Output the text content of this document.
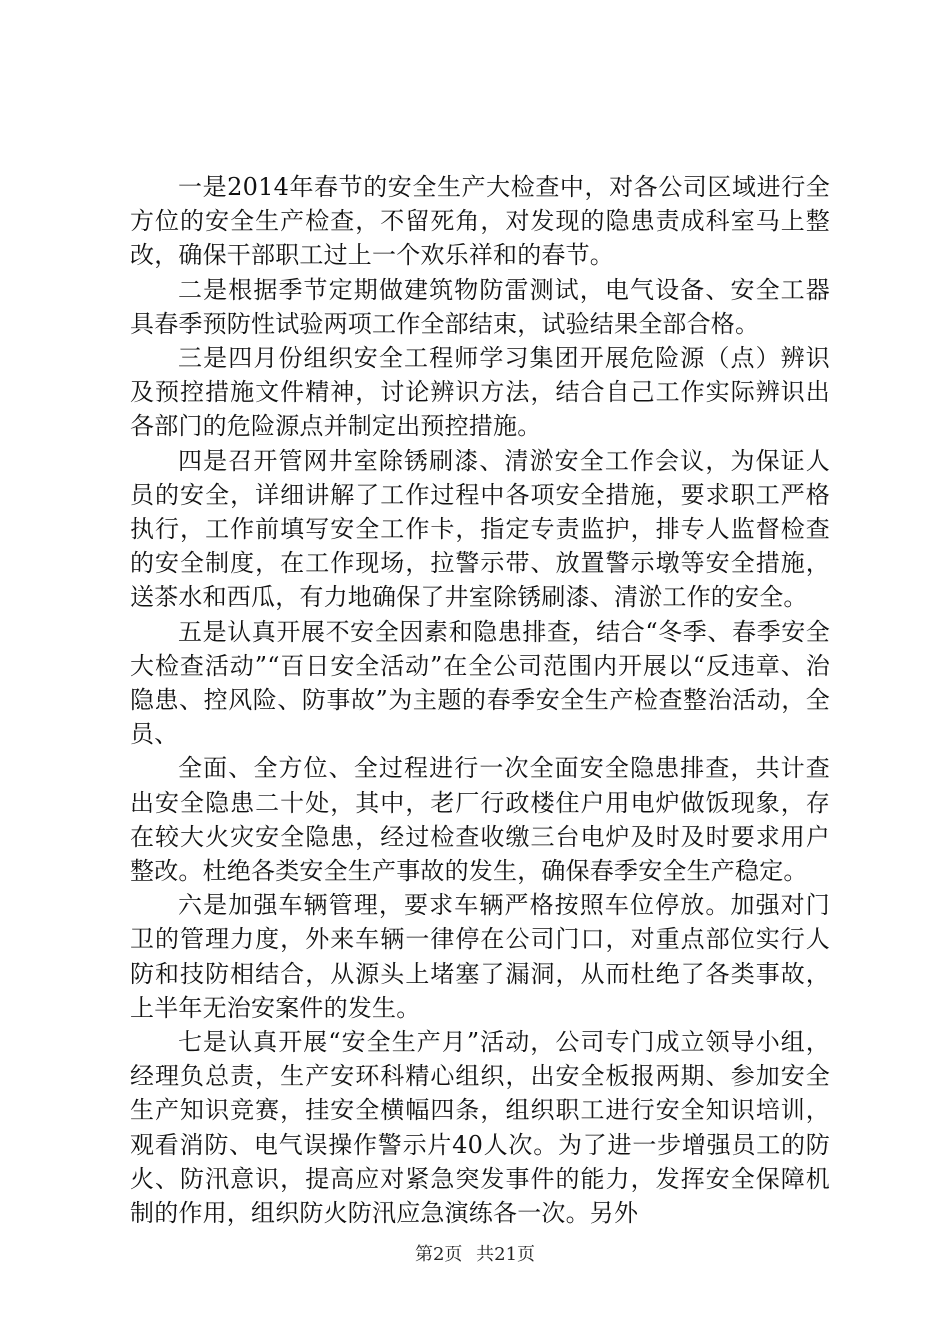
一是2014年春节的安全生产大检查中，对各公司区域进行全方位的安全生产检查，不留死角，对发现的隐患责成科室马上整改，确保干部职工过上一个欢乐祥和的春节。

二是根据季节定期做建筑物防雷测试，电气设备、安全工器具春季预防性试验两项工作全部结束，试验结果全部合格。

三是四月份组织安全工程师学习集团开展危险源（点）辨识及预控措施文件精神，讨论辨识方法，结合自己工作实际辨识出各部门的危险源点并制定出预控措施。

四是召开管网井室除锈刷漆、清淤安全工作会议，为保证人员的安全，详细讲解了工作过程中各项安全措施，要求职工严格执行，工作前填写安全工作卡，指定专责监护，排专人监督检查的安全制度，在工作现场，拉警示带、放置警示墩等安全措施，送茶水和西瓜，有力地确保了井室除锈刷漆、清淤工作的安全。

五是认真开展不安全因素和隐患排查，结合“冬季、春季安全大检查活动”“百日安全活动”在全公司范围内开展以“反违章、治隐患、控风险、防事故”为主题的春季安全生产检查整治活动，全员、

全面、全方位、全过程进行一次全面安全隐患排查，共计查出安全隐患二十处，其中，老厂行政楼住户用电炉做饭现象，存在较大火灾安全隐患，经过检查收缴三台电炉及时及时要求用户整改。杜绝各类安全生产事故的发生，确保春季安全生产稳定。

六是加强车辆管理，要求车辆严格按照车位停放。加强对门卫的管理力度，外来车辆一律停在公司门口，对重点部位实行人防和技防相结合，从源头上堵塞了漏洞，从而杜绝了各类事故，上半年无治安案件的发生。

七是认真开展“安全生产月”活动，公司专门成立领导小组，经理负总责，生产安环科精心组织，出安全板报两期、参加安全生产知识竞赛，挂安全横幅四条，组织职工进行安全知识培训，观看消防、电气误操作警示片40人次。为了进一步增强员工的防火、防汛意识，提高应对紧急突发事件的能力，发挥安全保障机制的作用，组织防火防汛应急演练各一次。另外

第2页 共21页
